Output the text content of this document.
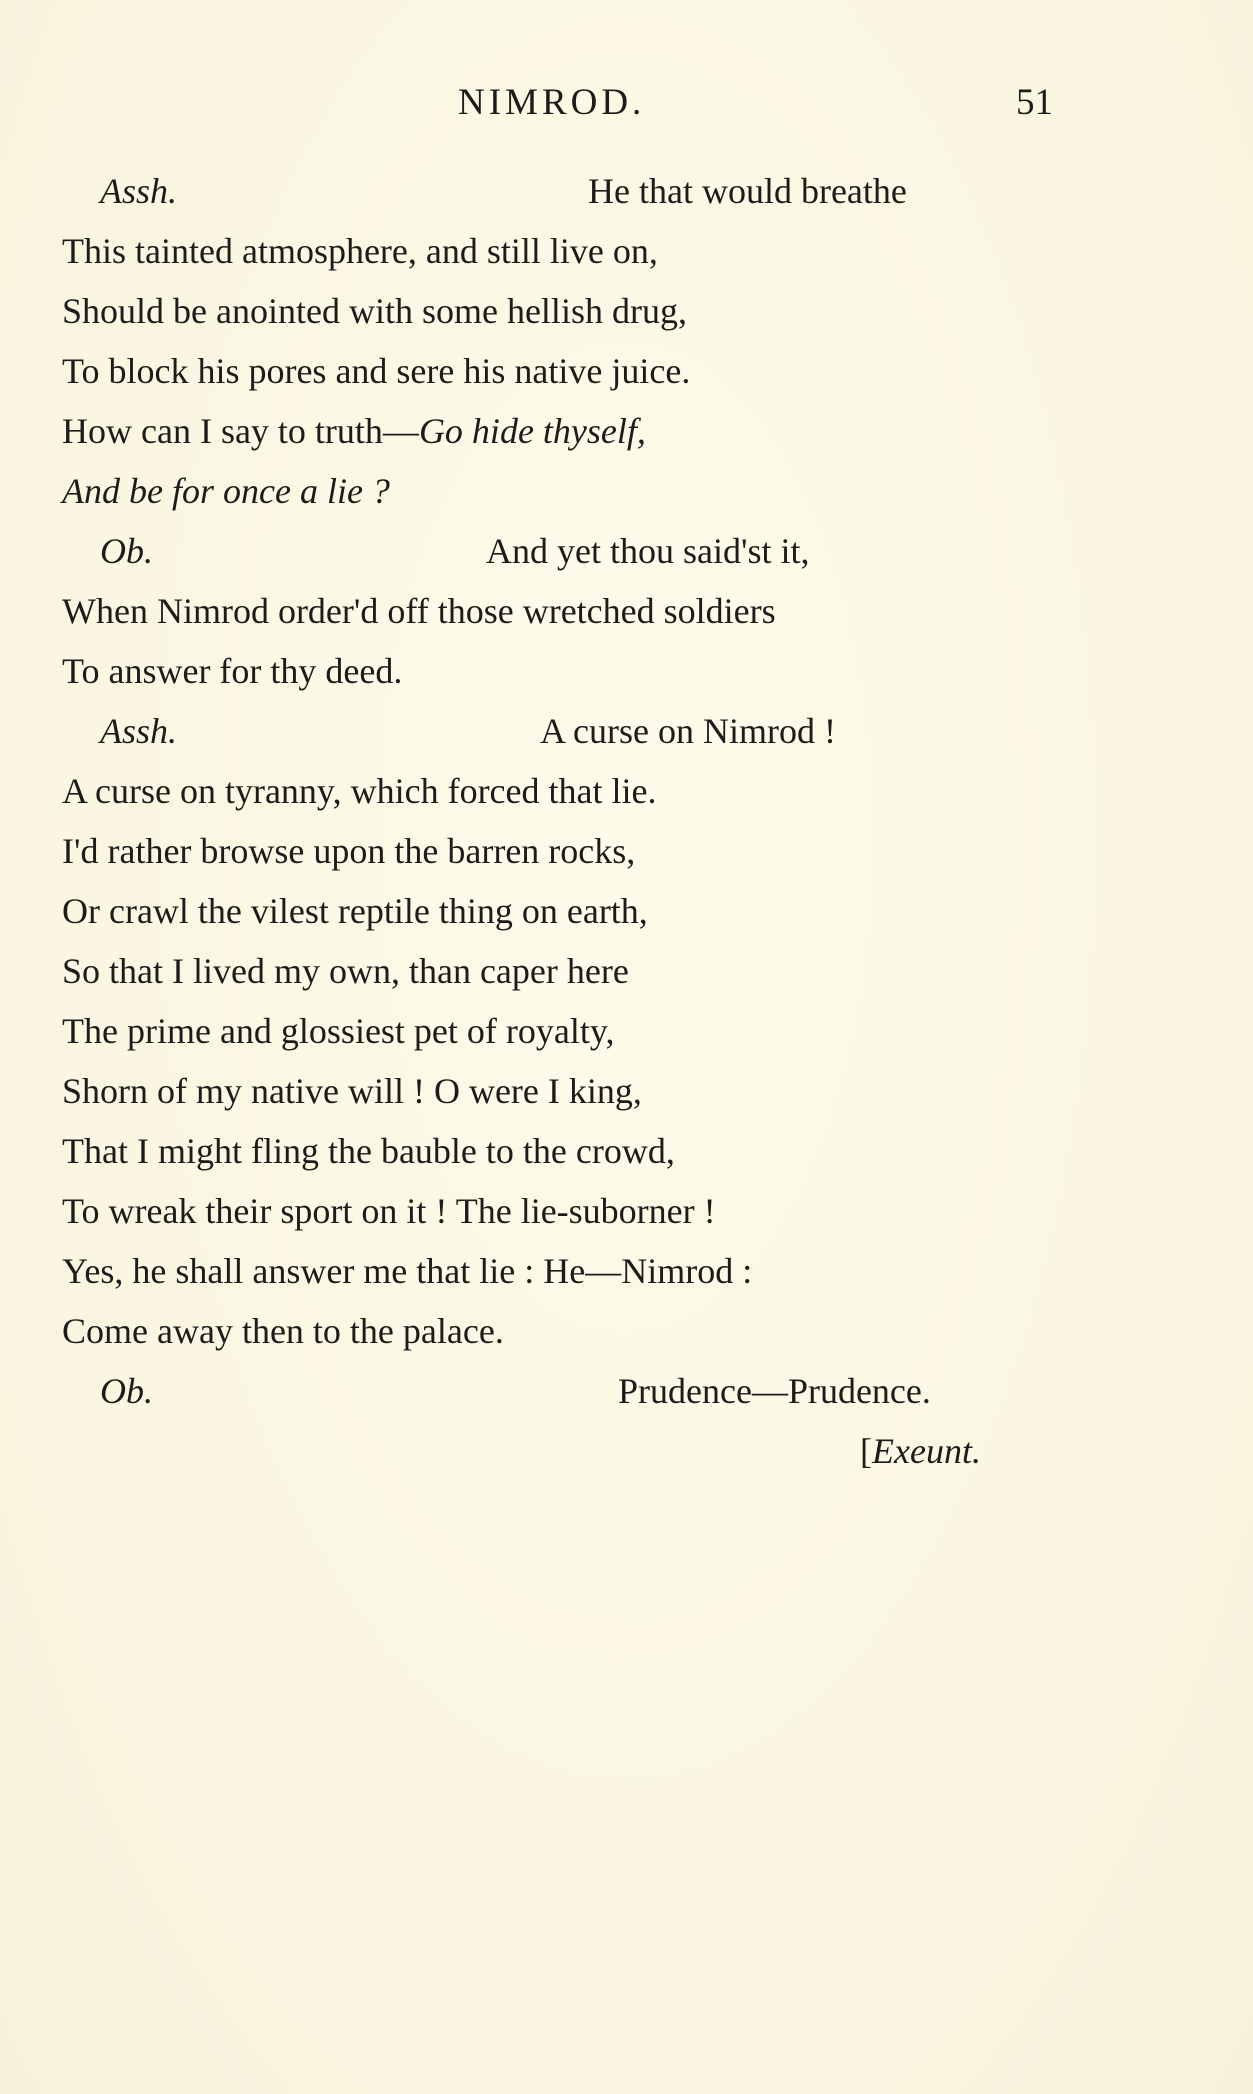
NIMROD.	51
Assh.	He that would breathe
This tainted atmosphere, and still live on,
Should be anointed with some hellish drug,
To block his pores and sere his native juice.
How can I say to truth—Go hide thyself,
And be for once a lie ?
Ob.	And yet thou said'st it,
When Nimrod order'd off those wretched soldiers
To answer for thy deed.
Assh.	A curse on Nimrod !
A curse on tyranny, which forced that lie.
I'd rather browse upon the barren rocks,
Or crawl the vilest reptile thing on earth,
So that I lived my own, than caper here
The prime and glossiest pet of royalty,
Shorn of my native will ! O were I king,
That I might fling the bauble to the crowd,
To wreak their sport on it ! The lie-suborner !
Yes, he shall answer me that lie : He—Nimrod :
Come away then to the palace.
Ob.	Prudence—Prudence.
[Exeunt.
